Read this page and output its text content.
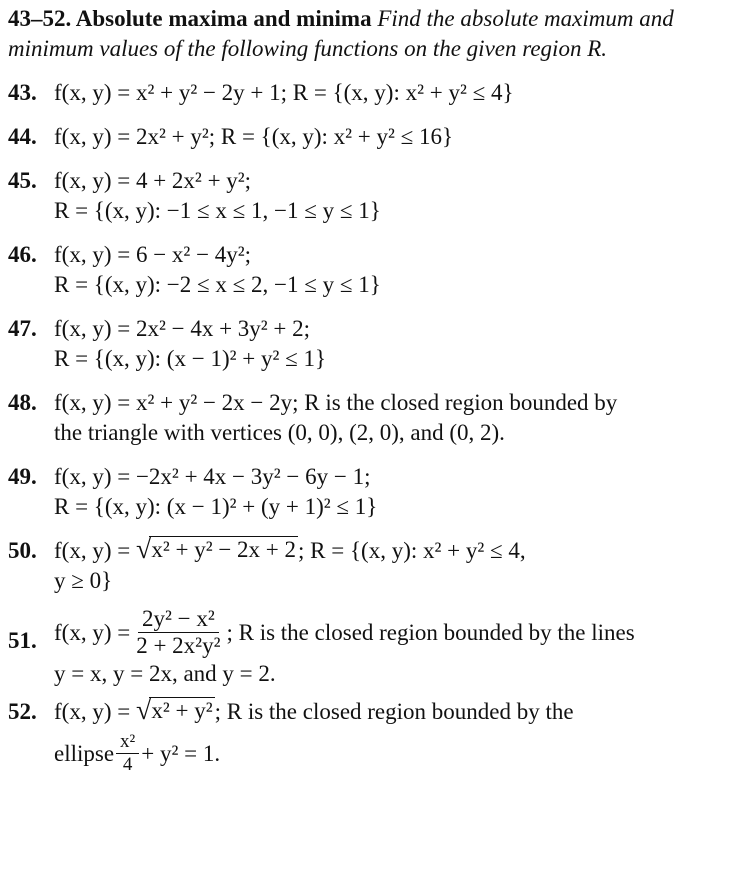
43–52. Absolute maxima and minima Find the absolute maximum and minimum values of the following functions on the given region R.
43. f(x, y) = x² + y² − 2y + 1; R = {(x, y): x² + y² ≤ 4}
44. f(x, y) = 2x² + y²; R = {(x, y): x² + y² ≤ 16}
45. f(x, y) = 4 + 2x² + y²;
R = {(x, y): −1 ≤ x ≤ 1, −1 ≤ y ≤ 1}
46. f(x, y) = 6 − x² − 4y²;
R = {(x, y): −2 ≤ x ≤ 2, −1 ≤ y ≤ 1}
47. f(x, y) = 2x² − 4x + 3y² + 2;
R = {(x, y): (x − 1)² + y² ≤ 1}
48. f(x, y) = x² + y² − 2x − 2y; R is the closed region bounded by
the triangle with vertices (0, 0), (2, 0), and (0, 2).
49. f(x, y) = −2x² + 4x − 3y² − 6y − 1;
R = {(x, y): (x − 1)² + (y + 1)² ≤ 1}
50. f(x, y) = √ x² + y² − 2x + 2 ; R = {(x, y): x² + y² ≤ 4,
y ≥ 0}
51. f(x, $y) = \frac{\text{2y² − x²}}{\text{2 + 2x²y²}}$ ; R is the closed region bounded by the lines
y = x, y = 2x, and y = 2.
52. f(x, y) = √ x² + y² ; R is the closed region bounded by the
ellipse $\frac{\text{x²}}{4} + y^2 = 1$.
